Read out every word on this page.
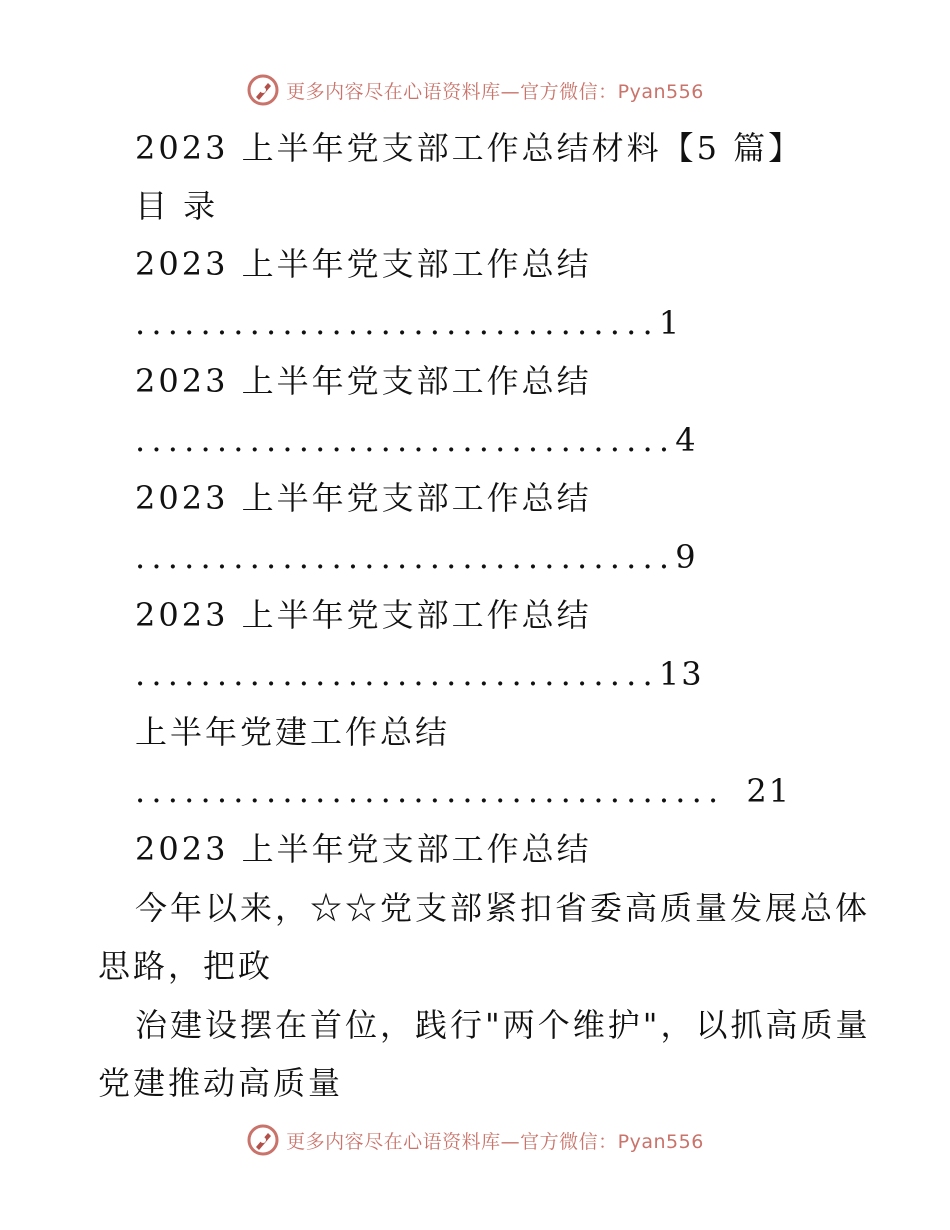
更多内容尽在心语资料库—官方微信：Pyan556
2023 上半年党支部工作总结材料【5 篇】
目 录
2023 上半年党支部工作总结
................................1
2023 上半年党支部工作总结
.................................4
2023 上半年党支部工作总结
.................................9
2023 上半年党支部工作总结
................................13
上半年党建工作总结
.................................... 21
2023 上半年党支部工作总结
今年以来，☆☆党支部紧扣省委高质量发展总体
思路，把政
治建设摆在首位，践行"两个维护"，以抓高质量
党建推动高质量
更多内容尽在心语资料库—官方微信：Pyan556
